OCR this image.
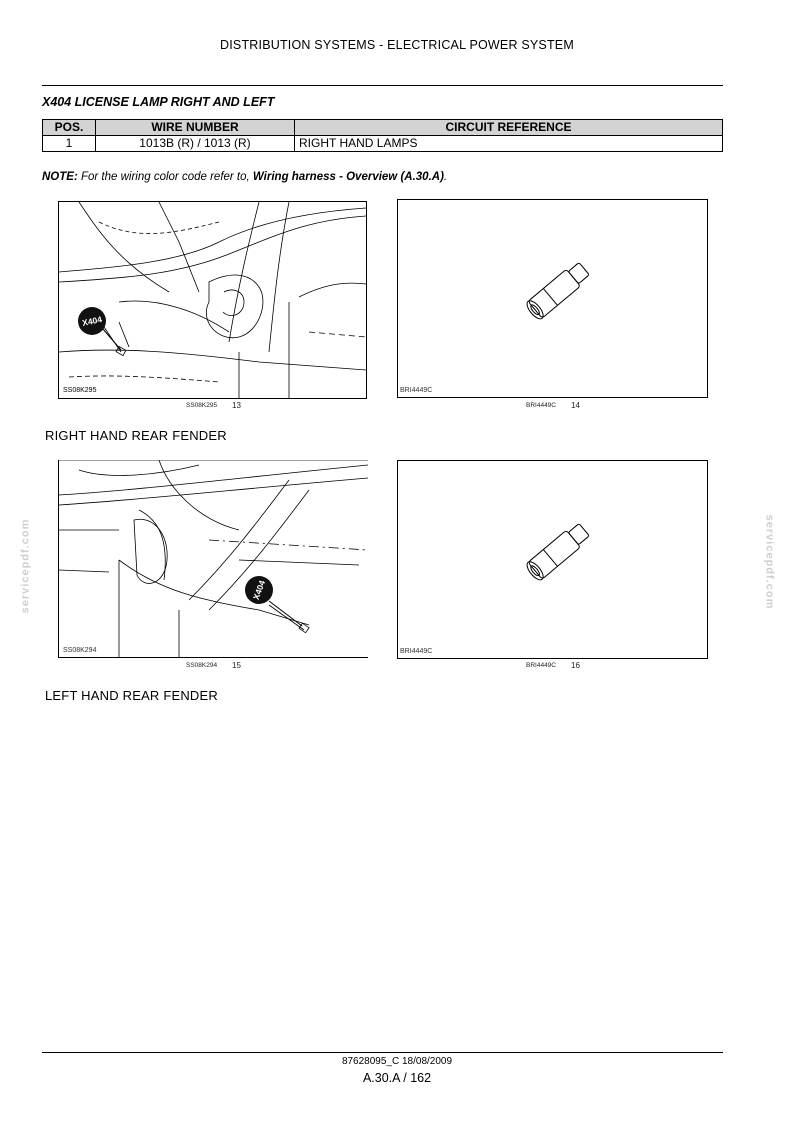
DISTRIBUTION SYSTEMS - ELECTRICAL POWER SYSTEM
X404 LICENSE LAMP RIGHT AND LEFT
POS.	WIRE NUMBER	CIRCUIT REFERENCE
1	1013B (R) / 1013 (R)	RIGHT HAND LAMPS
NOTE: For the wiring color code refer to, Wiring harness - Overview (A.30.A).
X404
SS08K295
SS08K295 13
BRI4449C
BRI4449C 14
RIGHT HAND REAR FENDER
X404
SS08K294
SS08K294 15
BRI4449C
BRI4449C 16
LEFT HAND REAR FENDER
servicepdf.com	servicepdf.com
87628095_C 18/08/2009
A.30.A / 162
